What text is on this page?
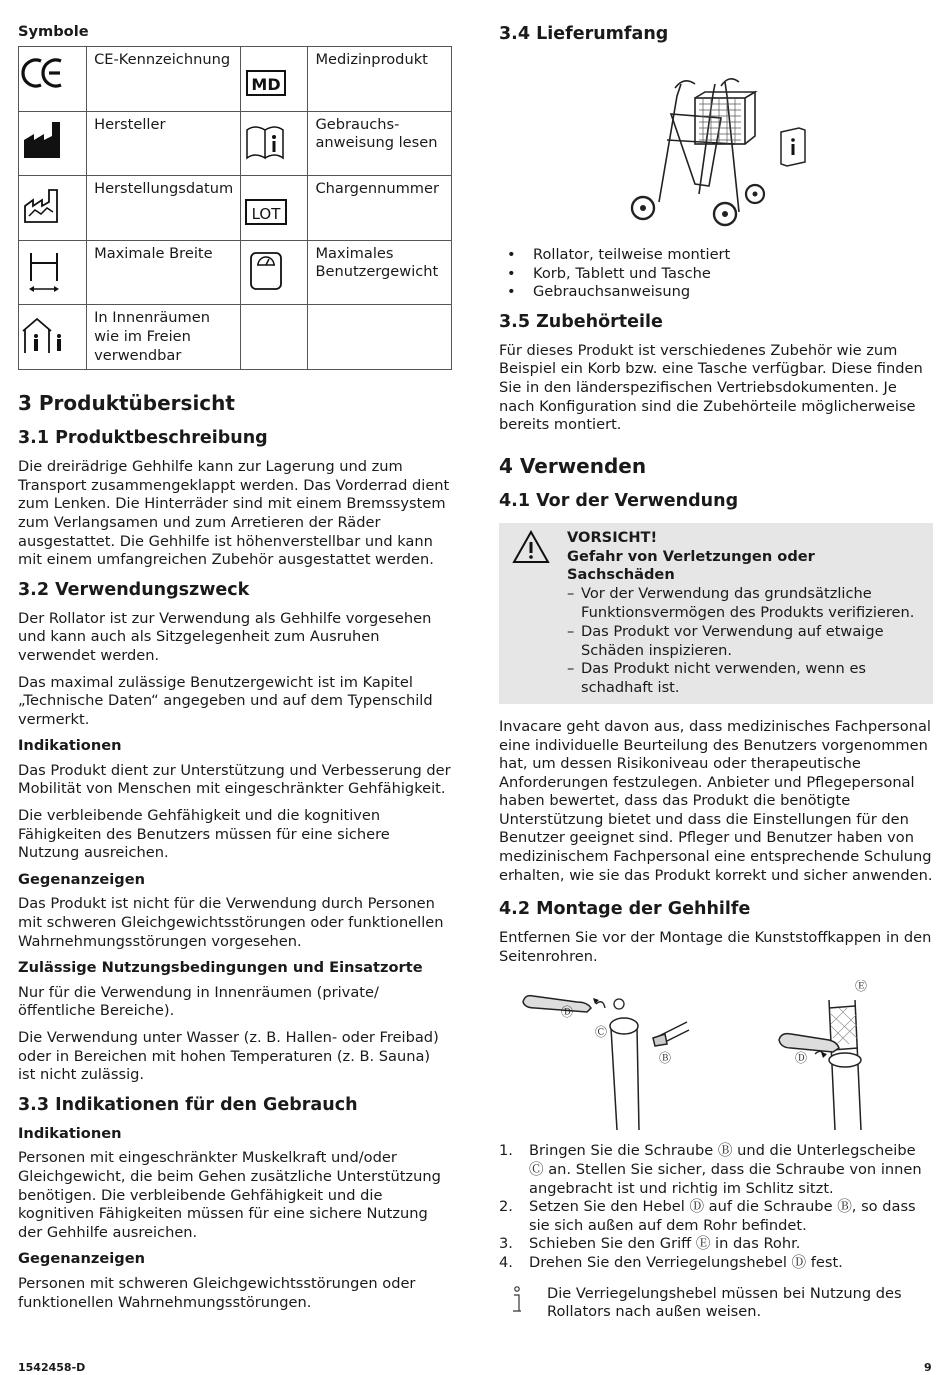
Symbole
	CE-Kennzeichnung	MD	Medizinprodukt

	Hersteller		Gebrauchs-
anweisung lesen

	Herstellungsdatum	LOT	Chargennummer

	Maximale Breite		Maximales Benutzergewicht

	In Innenräumen wie im Freien verwendbar		
3 Produktübersicht
3.1 Produktbeschreibung

Die dreirädrige Gehhilfe kann zur Lagerung und zum Transport zusammengeklappt werden. Das Vorderrad dient zum Lenken. Die Hinterräder sind mit einem Bremssystem zum Verlangsamen und zum Arretieren der Räder ausgestattet. Die Gehhilfe ist höhenverstellbar und kann mit einem umfangreichen Zubehör ausgestattet werden.

3.2 Verwendungszweck

Der Rollator ist zur Verwendung als Gehhilfe vorgesehen und kann auch als Sitzgelegenheit zum Ausruhen verwendet werden.

Das maximal zulässige Benutzergewicht ist im Kapitel „Technische Daten“ angegeben und auf dem Typenschild vermerkt.

Indikationen

Das Produkt dient zur Unterstützung und Verbesserung der Mobilität von Menschen mit eingeschränkter Gehfähigkeit.

Die verbleibende Gehfähigkeit und die kognitiven Fähigkeiten des Benutzers müssen für eine sichere Nutzung ausreichen.

Gegenanzeigen

Das Produkt ist nicht für die Verwendung durch Personen mit schweren Gleichgewichtsstörungen oder funktionellen Wahrnehmungsstörungen vorgesehen.

Zulässige Nutzungsbedingungen und Einsatzorte

Nur für die Verwendung in Innenräumen (private/öffentliche Bereiche).

Die Verwendung unter Wasser (z. B. Hallen- oder Freibad) oder in Bereichen mit hohen Temperaturen (z. B. Sauna) ist nicht zulässig.

3.3 Indikationen für den Gebrauch
Indikationen

Personen mit eingeschränkter Muskelkraft und/oder Gleichgewicht, die beim Gehen zusätzliche Unterstützung benötigen. Die verbleibende Gehfähigkeit und die kognitiven Fähigkeiten müssen für eine sichere Nutzung der Gehhilfe ausreichen.

Gegenanzeigen

Personen mit schweren Gleichgewichtsstörungen oder funktionellen Wahrnehmungsstörungen.

3.4 Lieferumfang
• Rollator, teilweise montiert
• Korb, Tablett und Tasche
• Gebrauchsanweisung
3.5 Zubehörteile

Für dieses Produkt ist verschiedenes Zubehör wie zum Beispiel ein Korb bzw. eine Tasche verfügbar. Diese finden Sie in den länderspezifischen Vertriebsdokumenten. Je nach Konfiguration sind die Zubehörteile möglicherweise bereits montiert.

4 Verwenden
4.1 Vor der Verwendung

VORSICHT!

Gefahr von Verletzungen oder Sachschäden

– Vor der Verwendung das grundsätzliche Funktionsvermögen des Produkts verifizieren.

– Das Produkt vor Verwendung auf etwaige Schäden inspizieren.

– Das Produkt nicht verwenden, wenn es schadhaft ist.

Invacare geht davon aus, dass medizinisches Fachpersonal eine individuelle Beurteilung des Benutzers vorgenommen hat, um dessen Risikoniveau oder therapeutische Anforderungen festzulegen. Anbieter und Pflegepersonal haben bewertet, dass das Produkt die benötigte Unterstützung bietet und dass die Einstellungen für den Benutzer geeignet sind. Pfleger und Benutzer haben von medizinischem Fachpersonal eine entsprechende Schulung erhalten, wie sie das Produkt korrekt und sicher anwenden.

4.2 Montage der Gehhilfe

Entfernen Sie vor der Montage die Kunststoffkappen in den Seitenrohren.

Ⓓ
Ⓒ
Ⓑ	Ⓓ
Ⓔ
1. Bringen Sie die Schraube Ⓑ und die Unterlegscheibe Ⓒ an. Stellen Sie sicher, dass die Schraube von innen angebracht ist und richtig im Schlitz sitzt.
2. Setzen Sie den Hebel Ⓓ auf die Schraube Ⓑ, so dass sie sich außen auf dem Rohr befindet.
3. Schieben Sie den Griff Ⓔ in das Rohr.
4. Drehen Sie den Verriegelungshebel Ⓓ fest.

Die Verriegelungshebel müssen bei Nutzung des Rollators nach außen weisen.

1542458-D	9
